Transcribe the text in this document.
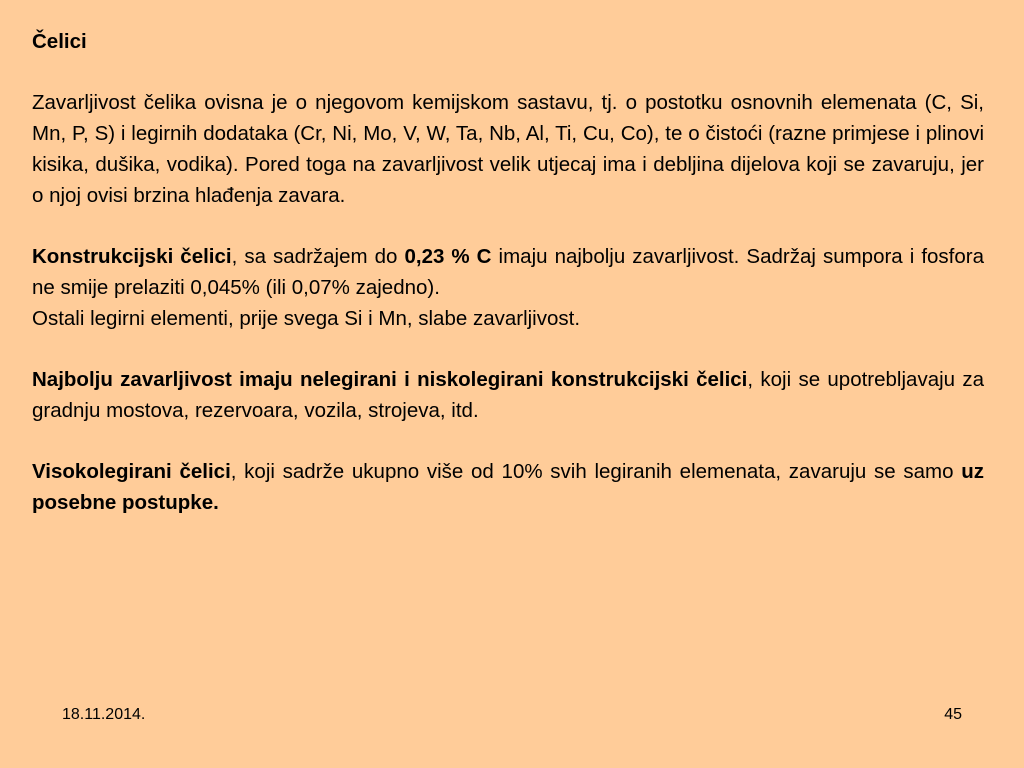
Čelici

Zavarljivost čelika ovisna je o njegovom kemijskom sastavu, tj. o postotku osnovnih elemenata (C, Si, Mn, P, S) i legirnih dodataka (Cr, Ni, Mo, V, W, Ta, Nb, Al, Ti, Cu, Co), te o čistoći (razne primjese i plinovi kisika, dušika, vodika). Pored toga na zavarljivost velik utjecaj ima i debljina dijelova koji se zavaruju, jer o njoj ovisi brzina hlađenja zavara.

Konstrukcijski čelici, sa sadržajem do 0,23 % C imaju najbolju zavarljivost. Sadržaj sumpora i fosfora ne smije prelaziti 0,045% (ili 0,07% zajedno).

Ostali legirni elementi, prije svega Si i Mn, slabe zavarljivost.

Najbolju zavarljivost imaju nelegirani i niskolegirani konstrukcijski čelici, koji se upotrebljavaju za gradnju mostova, rezervoara, vozila, strojeva, itd.

Visokolegirani čelici, koji sadrže ukupno više od 10% svih legiranih elemenata, zavaruju se samo uz posebne postupke.

18.11.2014.	45
